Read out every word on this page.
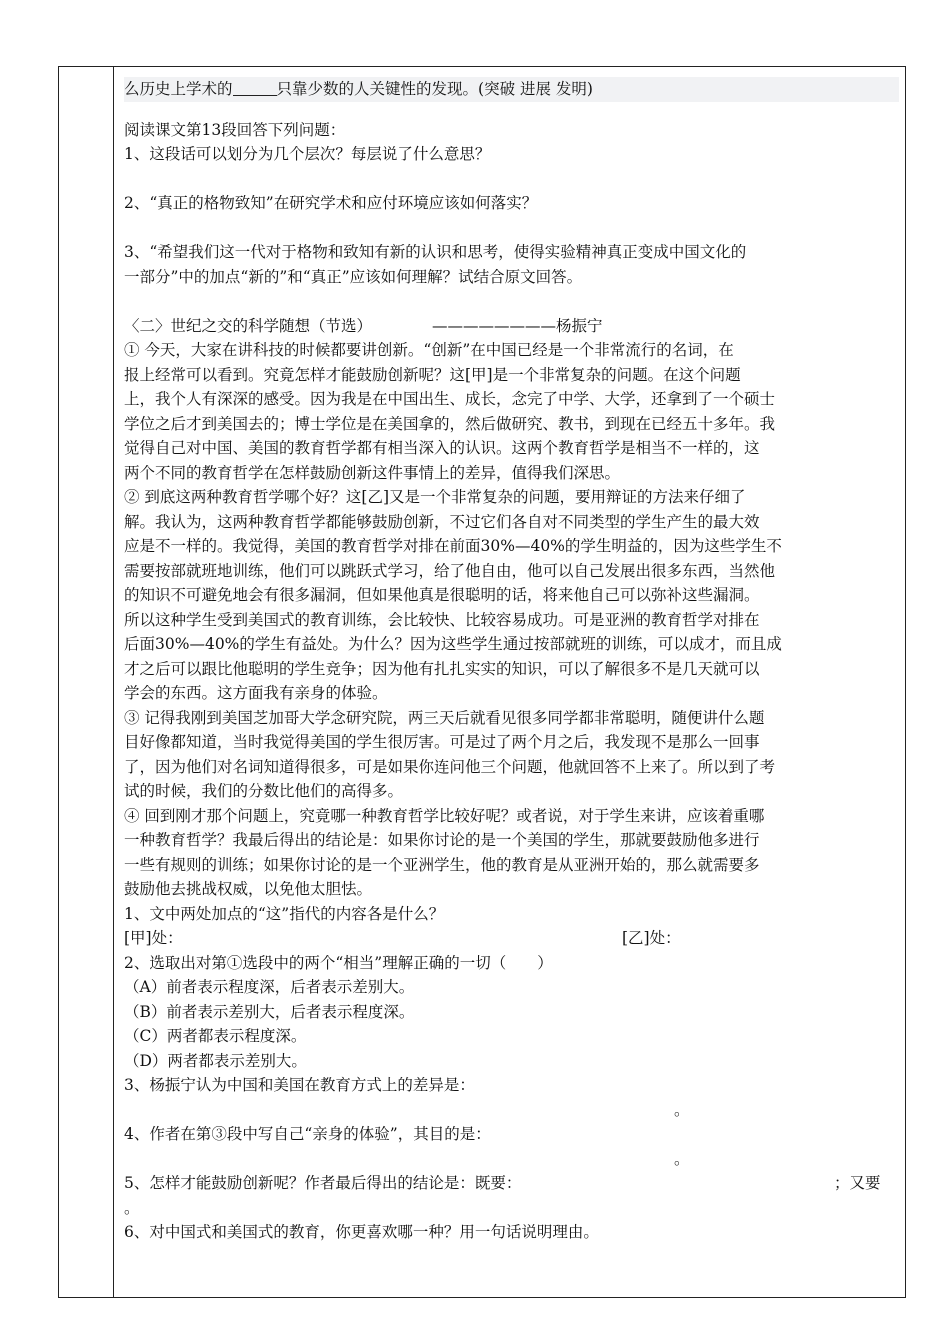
么历史上学术的	只靠少数的人关键性的发现。(突破 进展 发明)
阅读课文第13段回答下列问题：
1、这段话可以划分为几个层次？每层说了什么意思？
2、“真正的格物致知”在研究学术和应付环境应该如何落实？
3、“希望我们这一代对于格物和致知有新的认识和思考，使得实验精神真正变成中国文化的
一部分”中的加点“新的”和“真正”应该如何理解？试结合原文回答。
〈二〉世纪之交的科学随想（节选）	————————杨振宁
① 今天，大家在讲科技的时候都要讲创新。“创新”在中国已经是一个非常流行的名词，在
报上经常可以看到。究竟怎样才能鼓励创新呢？这[甲]是一个非常复杂的问题。在这个问题
上，我个人有深深的感受。因为我是在中国出生、成长，念完了中学、大学，还拿到了一个硕士
学位之后才到美国去的；博士学位是在美国拿的，然后做研究、教书，到现在已经五十多年。我
觉得自己对中国、美国的教育哲学都有相当深入的认识。这两个教育哲学是相当不一样的，这
两个不同的教育哲学在怎样鼓励创新这件事情上的差异，值得我们深思。
② 到底这两种教育哲学哪个好？这[乙]又是一个非常复杂的问题，要用辩证的方法来仔细了
解。我认为，这两种教育哲学都能够鼓励创新，不过它们各自对不同类型的学生产生的最大效
应是不一样的。我觉得，美国的教育哲学对排在前面30%—40%的学生明益的，因为这些学生不
需要按部就班地训练，他们可以跳跃式学习，给了他自由，他可以自己发展出很多东西，当然他
的知识不可避免地会有很多漏洞，但如果他真是很聪明的话，将来他自己可以弥补这些漏洞。
所以这种学生受到美国式的教育训练，会比较快、比较容易成功。可是亚洲的教育哲学对排在
后面30%—40%的学生有益处。为什么？因为这些学生通过按部就班的训练，可以成才，而且成
才之后可以跟比他聪明的学生竞争；因为他有扎扎实实的知识，可以了解很多不是几天就可以
学会的东西。这方面我有亲身的体验。
③ 记得我刚到美国芝加哥大学念研究院，两三天后就看见很多同学都非常聪明，随便讲什么题
目好像都知道，当时我觉得美国的学生很厉害。可是过了两个月之后，我发现不是那么一回事
了，因为他们对名词知道得很多，可是如果你连问他三个问题，他就回答不上来了。所以到了考
试的时候，我们的分数比他们的高得多。
④ 回到刚才那个问题上，究竟哪一种教育哲学比较好呢？或者说，对于学生来讲，应该着重哪
一种教育哲学？我最后得出的结论是：如果你讨论的是一个美国的学生，那就要鼓励他多进行
一些有规则的训练；如果你讨论的是一个亚洲学生，他的教育是从亚洲开始的，那么就需要多
鼓励他去挑战权威，以免他太胆怯。
1、文中两处加点的“这”指代的内容各是什么？
[甲]处：	[乙]处：
2、选取出对第①选段中的两个“相当”理解正确的一切（　　）
（A）前者表示程度深，后者表示差别大。
（B）前者表示差别大，后者表示程度深。
（C）两者都表示程度深。
（D）两者都表示差别大。
3、杨振宁认为中国和美国在教育方式上的差异是：
。
4、作者在第③段中写自己“亲身的体验”，其目的是：
。
5、怎样才能鼓励创新呢？作者最后得出的结论是：既要：	；又要
。
6、对中国式和美国式的教育，你更喜欢哪一种？用一句话说明理由。
